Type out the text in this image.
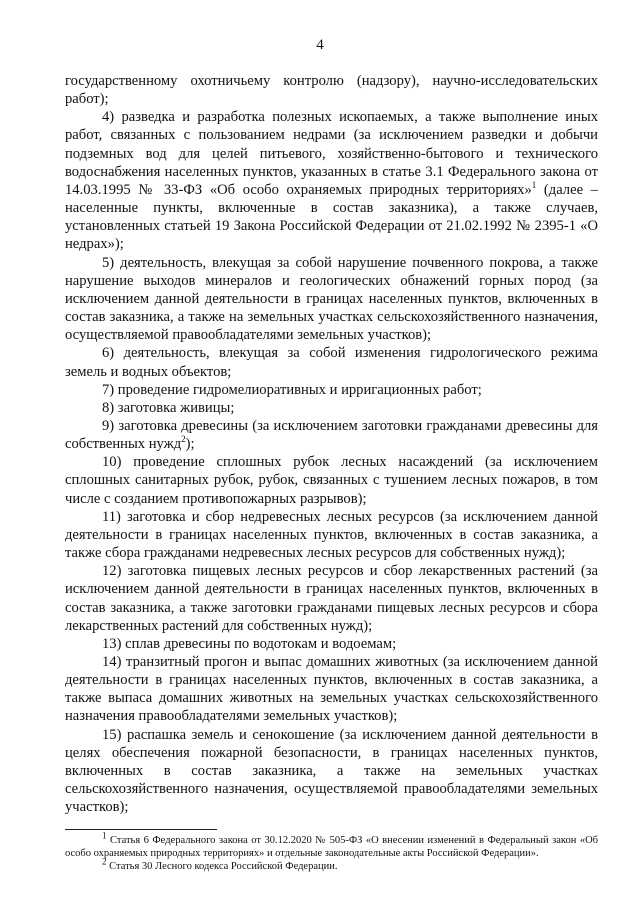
4

государственному охотничьему контролю (надзору), научно-исследовательских работ);

4) разведка и разработка полезных ископаемых, а также выполнение иных работ, связанных с пользованием недрами (за исключением разведки и добычи подземных вод для целей питьевого, хозяйственно-бытового и технического водоснабжения населенных пунктов, указанных в статье 3.1 Федерального закона от 14.03.1995 № 33-ФЗ «Об особо охраняемых природных территориях»$^1$ (далее – населенные пункты, включенные в состав заказника), а также случаев, установленных статьей 19 Закона Российской Федерации от 21.02.1992 № 2395-1 «О недрах»);

5) деятельность, влекущая за собой нарушение почвенного покрова, а также нарушение выходов минералов и геологических обнажений горных пород (за исключением данной деятельности в границах населенных пунктов, включенных в состав заказника, а также на земельных участках сельскохозяйственного назначения, осуществляемой правообладателями земельных участков);

6) деятельность, влекущая за собой изменения гидрологического режима земель и водных объектов;

7) проведение гидромелиоративных и ирригационных работ;

8) заготовка живицы;

9) заготовка древесины (за исключением заготовки гражданами древесины для собственных нужд$^2$);

10) проведение сплошных рубок лесных насаждений (за исключением сплошных санитарных рубок, рубок, связанных с тушением лесных пожаров, в том числе с созданием противопожарных разрывов);

11) заготовка и сбор недревесных лесных ресурсов (за исключением данной деятельности в границах населенных пунктов, включенных в состав заказника, а также сбора гражданами недревесных лесных ресурсов для собственных нужд);

12) заготовка пищевых лесных ресурсов и сбор лекарственных растений (за исключением данной деятельности в границах населенных пунктов, включенных в состав заказника, а также заготовки гражданами пищевых лесных ресурсов и сбора лекарственных растений для собственных нужд);

13) сплав древесины по водотокам и водоемам;

14) транзитный прогон и выпас домашних животных (за исключением данной деятельности в границах населенных пунктов, включенных в состав заказника, а также выпаса домашних животных на земельных участках сельскохозяйственного назначения правообладателями земельных участков);

15) распашка земель и сенокошение (за исключением данной деятельности в целях обеспечения пожарной безопасности, в границах населенных пунктов, включенных в состав заказника, а также на земельных участках сельскохозяйственного назначения, осуществляемой правообладателями земельных участков);

$^1$ Статья 6 Федерального закона от 30.12.2020 № 505-ФЗ «О внесении изменений в Федеральный закон «Об особо охраняемых природных территориях» и отдельные законодательные акты Российской Федерации».

$^2$ Статья 30 Лесного кодекса Российской Федерации.
